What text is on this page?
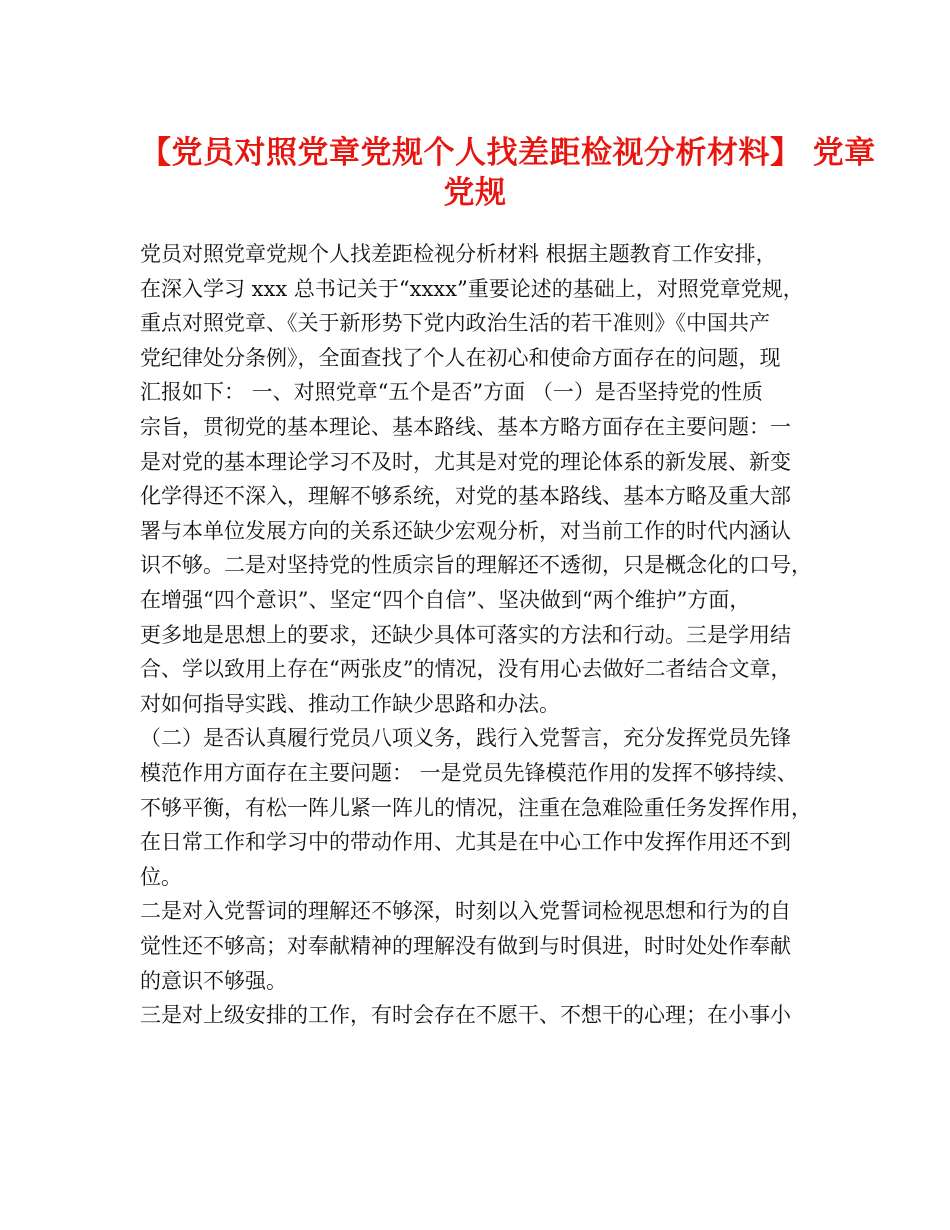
【党员对照党章党规个人找差距检视分析材料】 党章
党规
党员对照党章党规个人找差距检视分析材料 根据主题教育工作安排，
在深入学习 xxx 总书记关于“xxxx”重要论述的基础上，对照党章党规，
重点对照党章、《关于新形势下党内政治生活的若干准则》《中国共产
党纪律处分条例》，全面查找了个人在初心和使命方面存在的问题，现
汇报如下： 一、对照党章“五个是否”方面 （一）是否坚持党的性质
宗旨，贯彻党的基本理论、基本路线、基本方略方面存在主要问题：一
是对党的基本理论学习不及时，尤其是对党的理论体系的新发展、新变
化学得还不深入，理解不够系统，对党的基本路线、基本方略及重大部
署与本单位发展方向的关系还缺少宏观分析，对当前工作的时代内涵认
识不够。二是对坚持党的性质宗旨的理解还不透彻，只是概念化的口号，
在增强“四个意识”、坚定“四个自信”、坚决做到“两个维护”方面，
更多地是思想上的要求，还缺少具体可落实的方法和行动。三是学用结
合、学以致用上存在“两张皮”的情况，没有用心去做好二者结合文章，
对如何指导实践、推动工作缺少思路和办法。
（二）是否认真履行党员八项义务，践行入党誓言，充分发挥党员先锋
模范作用方面存在主要问题： 一是党员先锋模范作用的发挥不够持续、
不够平衡，有松一阵儿紧一阵儿的情况，注重在急难险重任务发挥作用，
在日常工作和学习中的带动作用、尤其是在中心工作中发挥作用还不到
位。
二是对入党誓词的理解还不够深，时刻以入党誓词检视思想和行为的自
觉性还不够高；对奉献精神的理解没有做到与时俱进，时时处处作奉献
的意识不够强。
三是对上级安排的工作，有时会存在不愿干、不想干的心理；在小事小
